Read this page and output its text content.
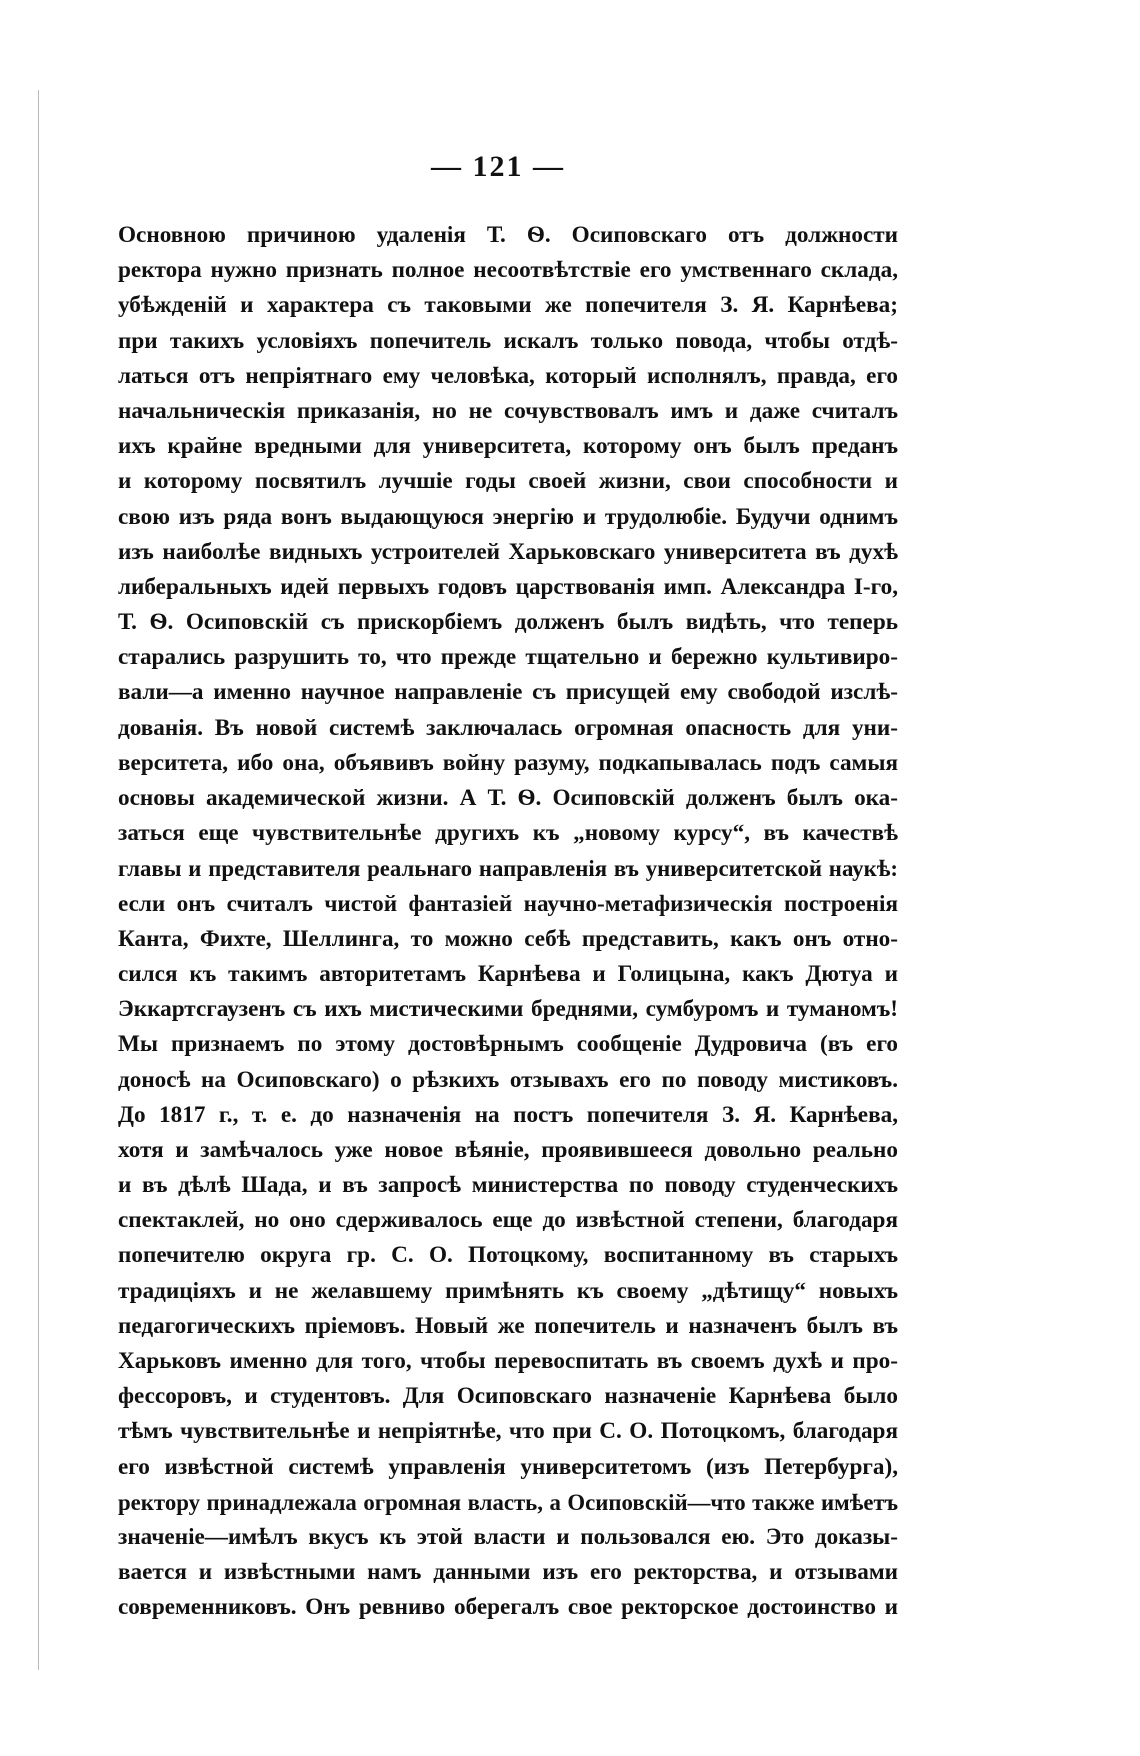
— 121 —
Основною причиною удаленія Т. Ѳ. Осиповскаго отъ должности
ректора нужно признать полное несоотвѣтствіе его умственнаго склада,
убѣжденій и характера съ таковыми же попечителя З. Я. Карнѣева;
при такихъ условіяхъ попечитель искалъ только повода, чтобы отдѣ-
латься отъ непріятнаго ему человѣка, который исполнялъ, правда, его
начальническія приказанія, но не сочувствовалъ имъ и даже считалъ
ихъ крайне вредными для университета, которому онъ былъ преданъ
и которому посвятилъ лучшіе годы своей жизни, свои способности и
свою изъ ряда вонъ выдающуюся энергію и трудолюбіе. Будучи однимъ
изъ наиболѣе видныхъ устроителей Харьковскаго университета въ духѣ
либеральныхъ идей первыхъ годовъ царствованія имп. Александра I-го,
Т. Ѳ. Осиповскій съ прискорбіемъ долженъ былъ видѣть, что теперь
старались разрушить то, что прежде тщательно и бережно культивиро-
вали—а именно научное направленіе съ присущей ему свободой изслѣ-
дованія. Въ новой системѣ заключалась огромная опасность для уни-
верситета, ибо она, объявивъ войну разуму, подкапывалась подъ самыя
основы академической жизни. А Т. Ѳ. Осиповскій долженъ былъ ока-
заться еще чувствительнѣе другихъ къ „новому курсу“, въ качествѣ
главы и представителя реальнаго направленія въ университетской наукѣ:
если онъ считалъ чистой фантазіей научно-метафизическія построенія
Канта, Фихте, Шеллинга, то можно себѣ представить, какъ онъ отно-
сился къ такимъ авторитетамъ Карнѣева и Голицына, какъ Дютуа и
Эккартсгаузенъ съ ихъ мистическими бреднями, сумбуромъ и туманомъ!
Мы признаемъ по этому достовѣрнымъ сообщеніе Дудровича (въ его
доносѣ на Осиповскаго) о рѣзкихъ отзывахъ его по поводу мистиковъ.
До 1817 г., т. е. до назначенія на постъ попечителя З. Я. Карнѣева,
хотя и замѣчалось уже новое вѣяніе, проявившееся довольно реально
и въ дѣлѣ Шада, и въ запросѣ министерства по поводу студенческихъ
спектаклей, но оно сдерживалось еще до извѣстной степени, благодаря
попечителю округа гр. С. О. Потоцкому, воспитанному въ старыхъ
традиціяхъ и не желавшему примѣнять къ своему „дѣтищу“ новыхъ
педагогическихъ пріемовъ. Новый же попечитель и назначенъ былъ въ
Харьковъ именно для того, чтобы перевоспитать въ своемъ духѣ и про-
фессоровъ, и студентовъ. Для Осиповскаго назначеніе Карнѣева было
тѣмъ чувствительнѣе и непріятнѣе, что при С. О. Потоцкомъ, благодаря
его извѣстной системѣ управленія университетомъ (изъ Петербурга),
ректору принадлежала огромная власть, а Осиповскій—что также имѣетъ
значеніе—имѣлъ вкусъ къ этой власти и пользовался ею. Это доказы-
вается и извѣстными намъ данными изъ его ректорства, и отзывами
современниковъ. Онъ ревниво оберегалъ свое ректорское достоинство и
